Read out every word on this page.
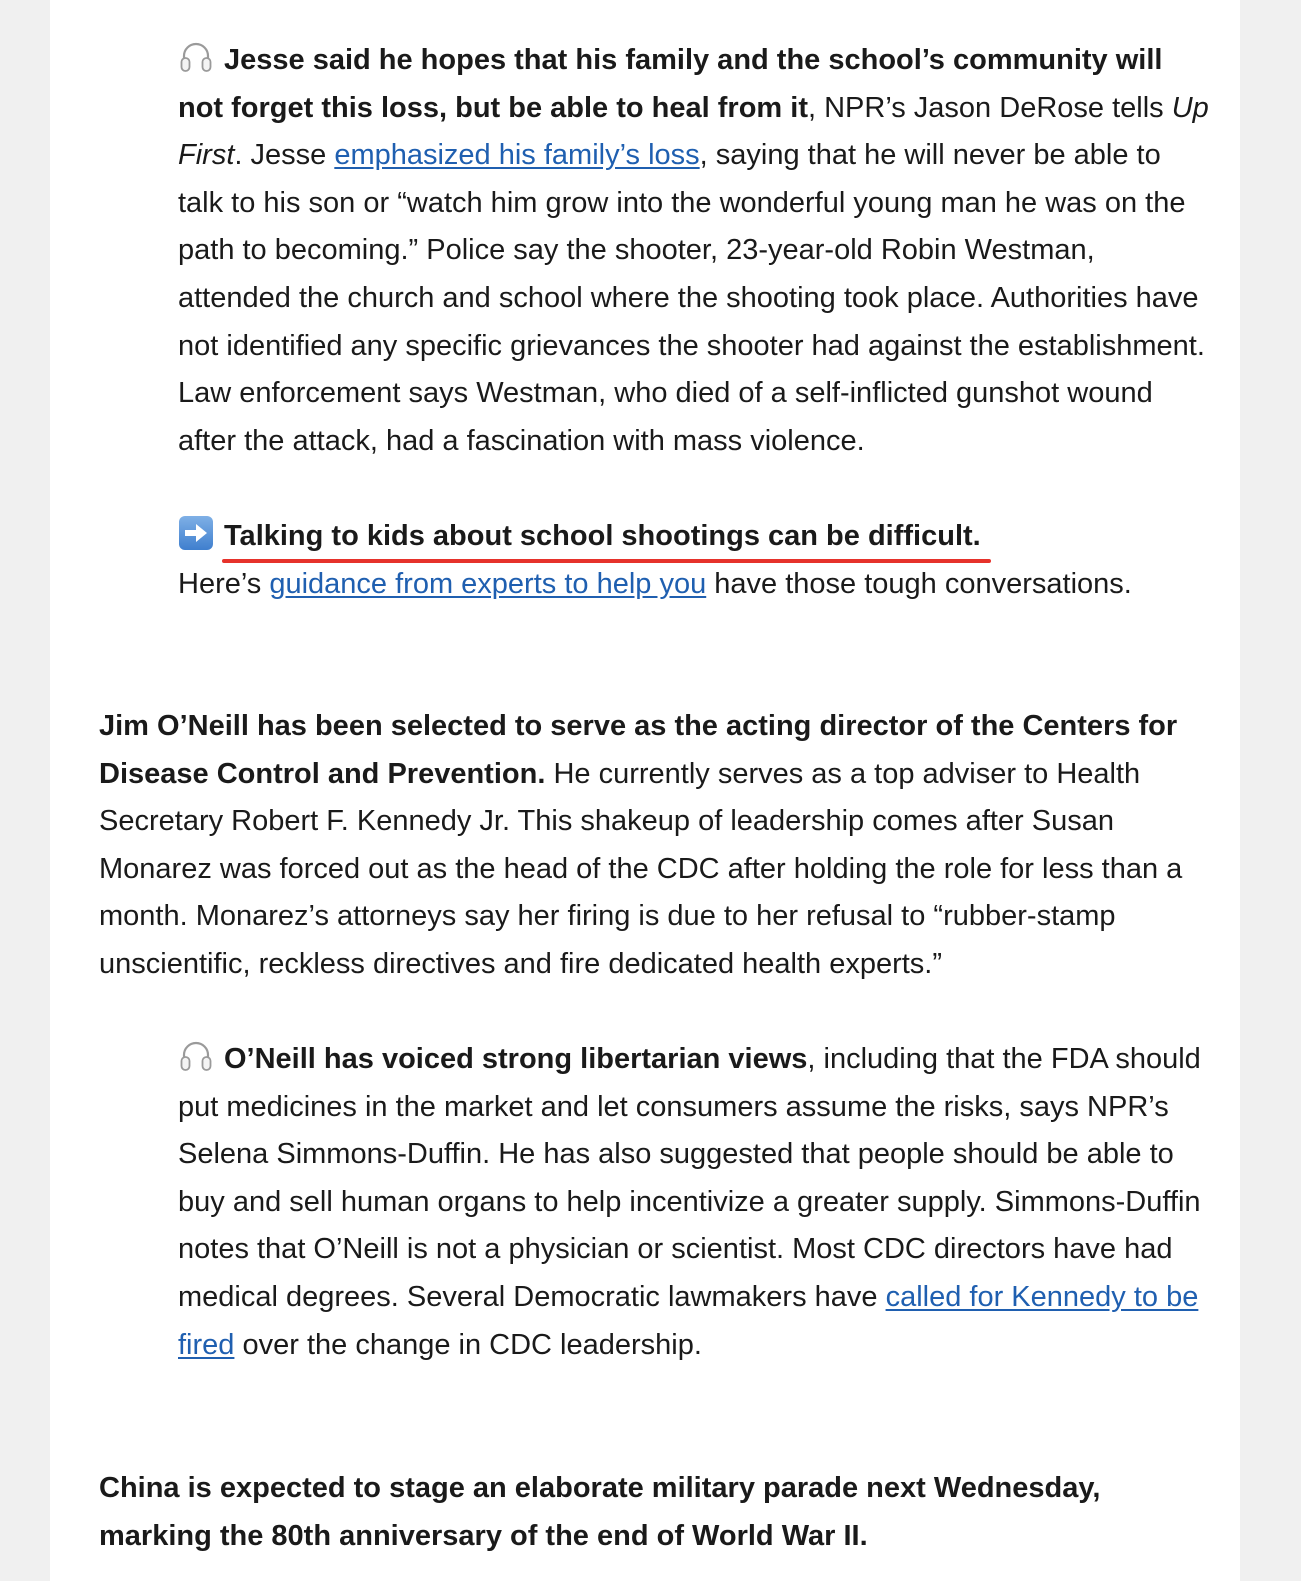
Jesse said he hopes that his family and the school’s community will not forget this loss, but be able to heal from it, NPR’s Jason DeRose tells Up First. Jesse emphasized his family’s loss, saying that he will never be able to talk to his son or “watch him grow into the wonderful young man he was on the path to becoming.” Police say the shooter, 23-year-old Robin Westman, attended the church and school where the shooting took place. Authorities have not identified any specific grievances the shooter had against the establishment. Law enforcement says Westman, who died of a self-inflicted gunshot wound after the attack, had a fascination with mass violence.
Talking to kids about school shootings can be difficult.

Here’s guidance from experts to help you have those tough conversations.
Jim O’Neill has been selected to serve as the acting director of the Centers for Disease Control and Prevention. He currently serves as a top adviser to Health Secretary Robert F. Kennedy Jr. This shakeup of leadership comes after Susan Monarez was forced out as the head of the CDC after holding the role for less than a month. Monarez’s attorneys say her firing is due to her refusal to “rubber-stamp unscientific, reckless directives and fire dedicated health experts.”
O’Neill has voiced strong libertarian views, including that the FDA should put medicines in the market and let consumers assume the risks, says NPR’s Selena Simmons-Duffin. He has also suggested that people should be able to buy and sell human organs to help incentivize a greater supply. Simmons-Duffin notes that O’Neill is not a physician or scientist. Most CDC directors have had medical degrees. Several Democratic lawmakers have called for Kennedy to be fired over the change in CDC leadership.
China is expected to stage an elaborate military parade next Wednesday, marking the 80th anniversary of the end of World War II.
